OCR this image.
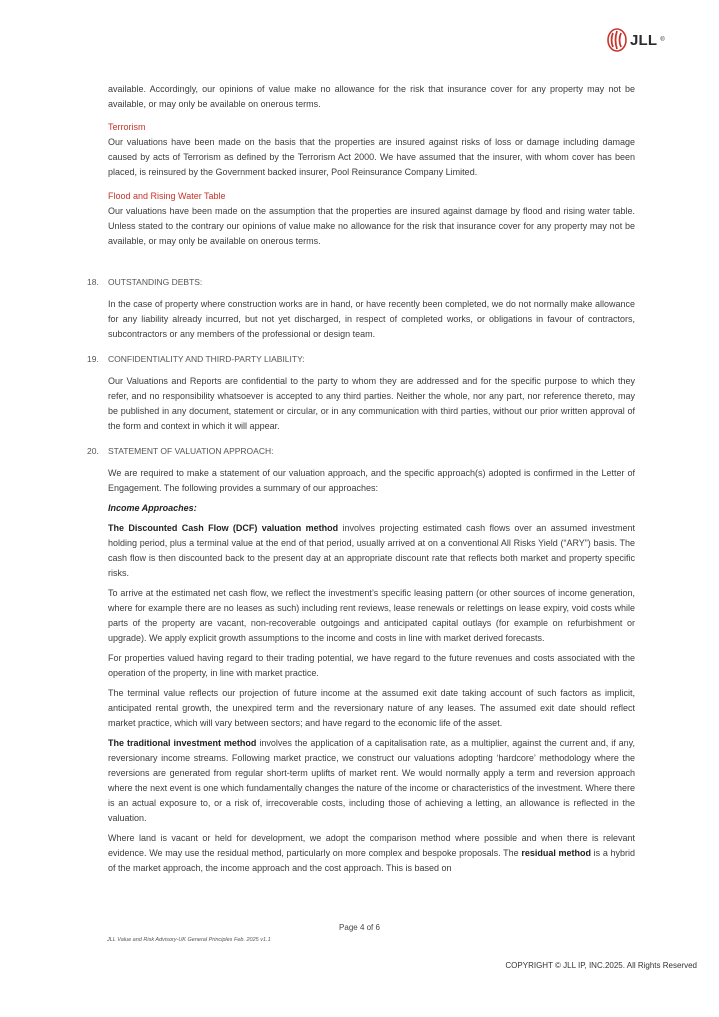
JLL ®

available. Accordingly, our opinions of value make no allowance for the risk that insurance cover for any property may not be available, or may only be available on onerous terms.

Terrorism

Our valuations have been made on the basis that the properties are insured against risks of loss or damage including damage caused by acts of Terrorism as defined by the Terrorism Act 2000. We have assumed that the insurer, with whom cover has been placed, is reinsured by the Government backed insurer, Pool Reinsurance Company Limited.

Flood and Rising Water Table

Our valuations have been made on the assumption that the properties are insured against damage by flood and rising water table. Unless stated to the contrary our opinions of value make no allowance for the risk that insurance cover for any property may not be available, or may only be available on onerous terms.

18.	OUTSTANDING DEBTS:

In the case of property where construction works are in hand, or have recently been completed, we do not normally make allowance for any liability already incurred, but not yet discharged, in respect of completed works, or obligations in favour of contractors, subcontractors or any members of the professional or design team.

19.	CONFIDENTIALITY AND THIRD-PARTY LIABILITY:

Our Valuations and Reports are confidential to the party to whom they are addressed and for the specific purpose to which they refer, and no responsibility whatsoever is accepted to any third parties. Neither the whole, nor any part, nor reference thereto, may be published in any document, statement or circular, or in any communication with third parties, without our prior written approval of the form and context in which it will appear.

20.	STATEMENT OF VALUATION APPROACH:

We are required to make a statement of our valuation approach, and the specific approach(s) adopted is confirmed in the Letter of Engagement. The following provides a summary of our approaches:

Income Approaches:

The Discounted Cash Flow (DCF) valuation method involves projecting estimated cash flows over an assumed investment holding period, plus a terminal value at the end of that period, usually arrived at on a conventional All Risks Yield (“ARY”) basis. The cash flow is then discounted back to the present day at an appropriate discount rate that reflects both market and property specific risks.

To arrive at the estimated net cash flow, we reflect the investment’s specific leasing pattern (or other sources of income generation, where for example there are no leases as such) including rent reviews, lease renewals or relettings on lease expiry, void costs while parts of the property are vacant, non-recoverable outgoings and anticipated capital outlays (for example on refurbishment or upgrade). We apply explicit growth assumptions to the income and costs in line with market derived forecasts.

For properties valued having regard to their trading potential, we have regard to the future revenues and costs associated with the operation of the property, in line with market practice.

The terminal value reflects our projection of future income at the assumed exit date taking account of such factors as implicit, anticipated rental growth, the unexpired term and the reversionary nature of any leases. The assumed exit date should reflect market practice, which will vary between sectors; and have regard to the economic life of the asset.

The traditional investment method involves the application of a capitalisation rate, as a multiplier, against the current and, if any, reversionary income streams. Following market practice, we construct our valuations adopting ‘hardcore’ methodology where the reversions are generated from regular short-term uplifts of market rent. We would normally apply a term and reversion approach where the next event is one which fundamentally changes the nature of the income or characteristics of the investment. Where there is an actual exposure to, or a risk of, irrecoverable costs, including those of achieving a letting, an allowance is reflected in the valuation.

Where land is vacant or held for development, we adopt the comparison method where possible and when there is relevant evidence. We may use the residual method, particularly on more complex and bespoke proposals. The residual method is a hybrid of the market approach, the income approach and the cost approach. This is based on

Page 4 of 6
JLL Value and Risk Advisory-UK General Principles Feb. 2025 v1.1
COPYRIGHT © JLL IP, INC.2025. All Rights Reserved
